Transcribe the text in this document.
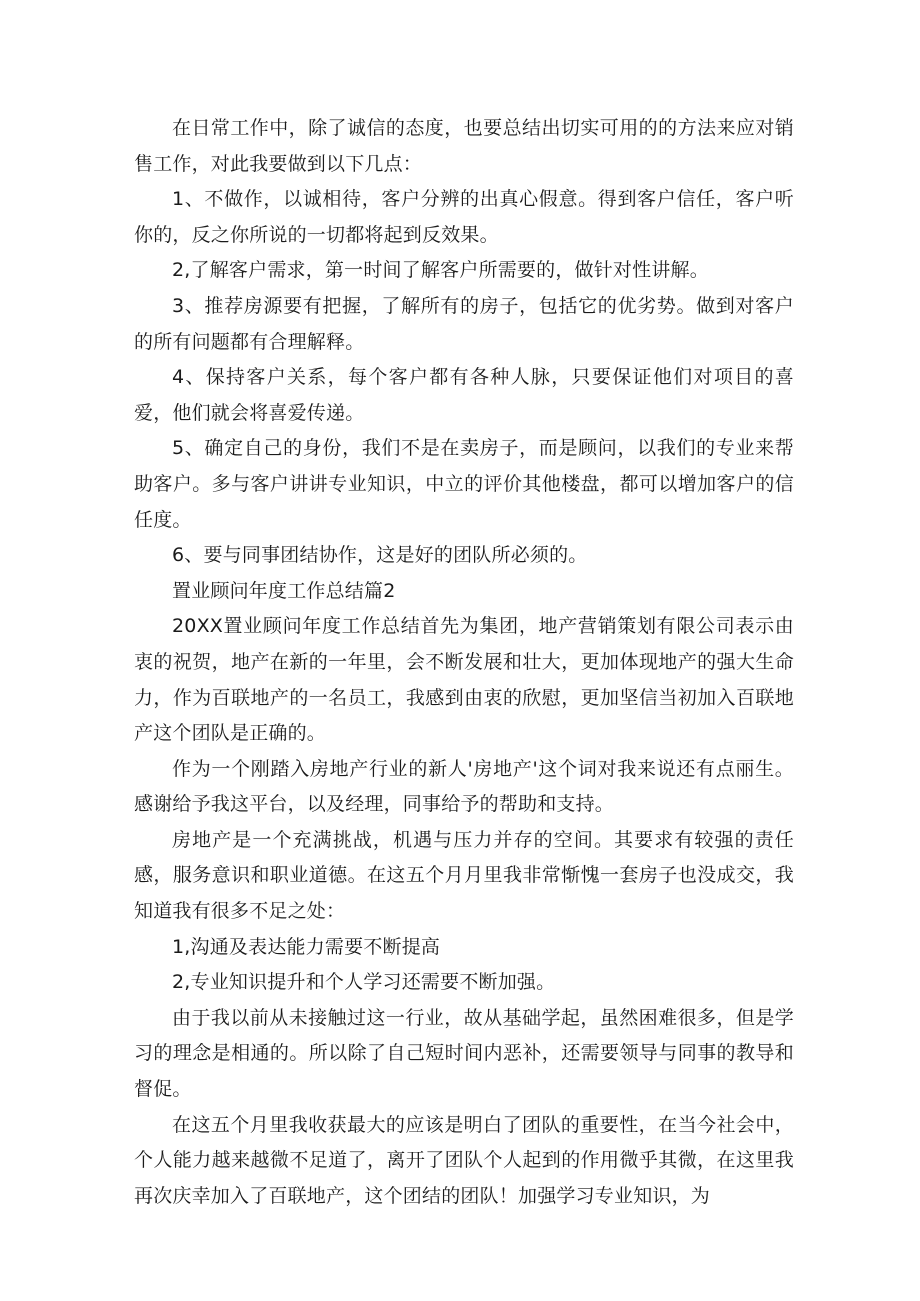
在日常工作中，除了诚信的态度，也要总结出切实可用的的方法来应对销售工作，对此我要做到以下几点：

1、不做作，以诚相待，客户分辨的出真心假意。得到客户信任，客户听你的，反之你所说的一切都将起到反效果。

2,了解客户需求，第一时间了解客户所需要的，做针对性讲解。

3、推荐房源要有把握，了解所有的房子，包括它的优劣势。做到对客户的所有问题都有合理解释。

4、保持客户关系，每个客户都有各种人脉，只要保证他们对项目的喜爱，他们就会将喜爱传递。

5、确定自己的身份，我们不是在卖房子，而是顾问，以我们的专业来帮助客户。多与客户讲讲专业知识，中立的评价其他楼盘，都可以增加客户的信任度。

6、要与同事团结协作，这是好的团队所必须的。

置业顾问年度工作总结篇2

20XX置业顾问年度工作总结首先为集团，地产营销策划有限公司表示由衷的祝贺，地产在新的一年里，会不断发展和壮大，更加体现地产的强大生命力，作为百联地产的一名员工，我感到由衷的欣慰，更加坚信当初加入百联地产这个团队是正确的。

作为一个刚踏入房地产行业的新人'房地产'这个词对我来说还有点丽生。感谢给予我这平台，以及经理，同事给予的帮助和支持。

房地产是一个充满挑战，机遇与压力并存的空间。其要求有较强的责任感，服务意识和职业道德。在这五个月月里我非常惭愧一套房子也没成交，我知道我有很多不足之处：

1,沟通及表达能力需要不断提高

2,专业知识提升和个人学习还需要不断加强。

由于我以前从未接触过这一行业，故从基础学起，虽然困难很多，但是学习的理念是相通的。所以除了自己短时间内恶补，还需要领导与同事的教导和督促。

在这五个月里我收获最大的应该是明白了团队的重要性，在当今社会中，个人能力越来越微不足道了，离开了团队个人起到的作用微乎其微，在这里我再次庆幸加入了百联地产，这个团结的团队！加强学习专业知识，为
